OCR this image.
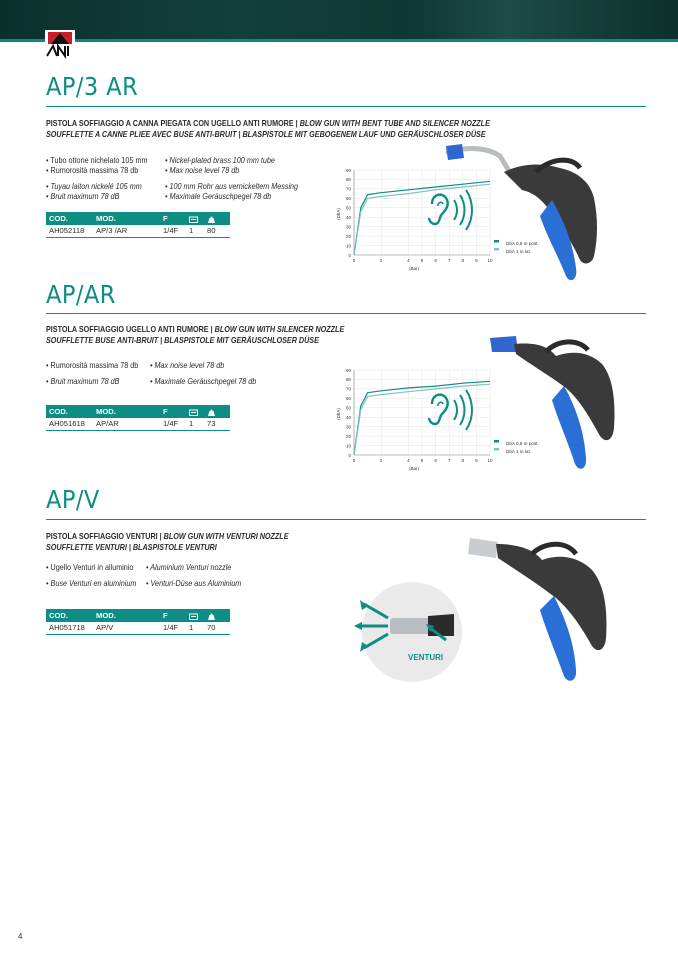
AP/3 AR
PISTOLA SOFFIAGGIO A CANNA PIEGATA CON UGELLO ANTI RUMORE | BLOW GUN WITH BENT TUBE AND SILENCER NOZZLE
SOUFFLETTE A CANNE PLIEE AVEC BUSE ANTI-BRUIT | BLASPISTOLE MIT GEBOGENEM LAUF UND GERÄUSCHLOSER DÜSE
• Tubo ottone nichelato 105 mm
• Rumorosità massima 78 db
• Tuyau laiton nickelé 105 mm
• Bruit maximum 78 dB
• Nickel-plated brass 100 mm tube
• Max noise level 78 db
• 100 mm Rohr aus vernickeltem Messing
• Maximale Geräuschpegel 78 db
COD.	MOD.	F		
AH052118	AP/3 /AR	1/4F	1	80
0
10
20
30
40
50
60
70
80
90
0	2	4 5 6 7 8 9 10
(DbA)
(Bar)
AP/AR
PISTOLA SOFFIAGGIO UGELLO ANTI RUMORE | BLOW GUN WITH SILENCER NOZZLE
SOUFFLETTE BUSE ANTI-BRUIT | BLASPISTOLE MIT GERÄUSCHLOSER DÜSE
• Rumorosità massima 78 db
• Bruit maximum 78 dB
• Max noise level 78 db
• Maximale Geräuschpegel 78 db
COD.	MOD.	F		
AH051618	AP/AR	1/4F	1	73
0
10
20
30
40
50
60
70
80
90
0	2	4 5 6 7 8 9 10
(DbA)
(Bar)
AP/V
PISTOLA SOFFIAGGIO VENTURI | BLOW GUN WITH VENTURI NOZZLE
SOUFFLETTE VENTURI | BLASPISTOLE VENTURI
• Ugello Venturi in alluminio
• Buse Venturi en aluminium
• Aluminium Venturi nozzle
• Venturi-Düse aus Aluminium
COD.	MOD.	F		
AH051718	AP/V	1/4F	1	70
VENTURI
4
DbA 0,5 m post.
DbA 1 m lat.
DbA 0,5 m post.
DbA 1 m lat.
